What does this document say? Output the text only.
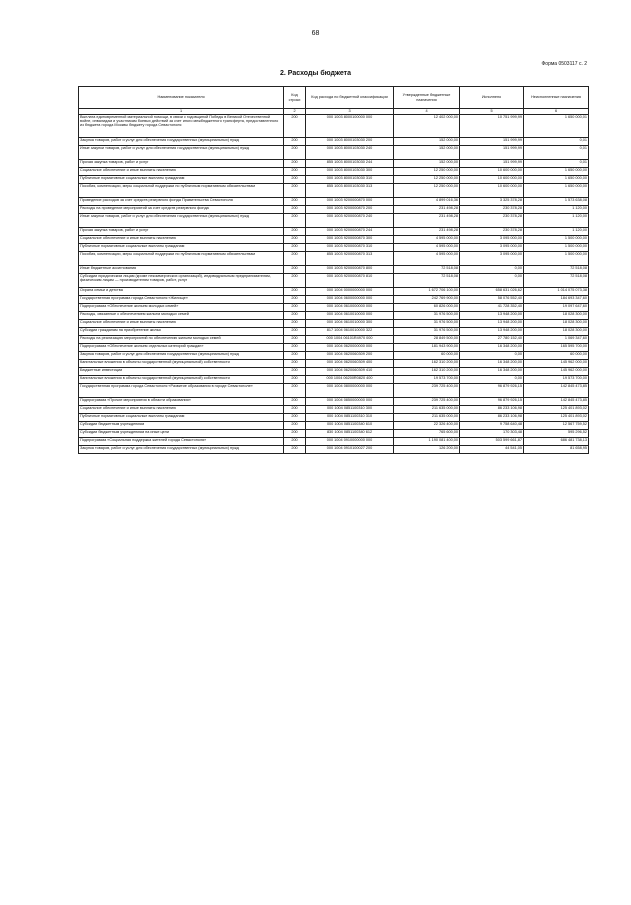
68
Форма 0503117 с. 2
2. Расходы бюджета
Наименование показателя	Код строки	Код расхода по бюджетной классификации	Утвержденные бюджетные назначения	Исполнено	Неисполненные назначения
1	2	3	4	5	6
Выплата единовременной материальной помощи, в связи с годовщиной Победы в Великой Отечественной войне, инвалидам и участникам боевых действий за счет иного межбюджетного трансферта, предоставленного из бюджета города Москвы бюджету города Севастополя	200	000 1003 8000100000 000	12 402 000,00	10 751 999,99	1 650 000,01
Закупка товаров, работ и услуг для обеспечения государственных (муниципальных) нужд	200	000 1003 8000103030 200	152 000,00	151 999,99	0,01
Иные закупки товаров, работ и услуг для обеспечения государственных (муниципальных) нужд	200	000 1003 8000103030 240	152 000,00	151 999,99	0,01
Прочая закупка товаров, работ и услуг	200	855 1003 8000103030 244	152 000,00	151 999,99	0,01
Социальное обеспечение и иные выплаты населению	200	000 1003 8000103030 300	12 250 000,00	10 600 000,00	1 650 000,00
Публичные нормативные социальные выплаты гражданам	200	000 1003 8000103030 310	12 250 000,00	10 600 000,00	1 650 000,00
Пособия, компенсации, меры социальной поддержки по публичным нормативным обязательствам	200	855 1003 8000103030 313	12 250 000,00	10 600 000,00	1 650 000,00
Проведение расходов за счет средств резервного фонда Правительства Севастополя	200	000 1003 9200000870 000	4 899 016,36	3 325 378,28	1 573 638,08
Расходы на проведение мероприятий за счет средств резервного фонда	200	000 1003 9200000870 200	231 498,28	230 378,28	1 120,00
Иные закупки товаров, работ и услуг для обеспечения государственных (муниципальных) нужд	200	000 1003 9200000870 240	231 498,28	230 378,28	1 120,00
Прочая закупка товаров, работ и услуг	200	000 1003 9200000870 244	231 498,28	230 378,28	1 120,00
Социальное обеспечение и иные выплаты населению	200	000 1003 9200000870 300	4 595 000,00	3 095 000,00	1 500 000,00
Публичные нормативные социальные выплаты гражданам	200	000 1003 9200000870 310	4 595 000,00	3 095 000,00	1 500 000,00
Пособия, компенсации, меры социальной поддержки по публичным нормативным обязательствам	200	855 1003 9200000870 313	4 595 000,00	3 095 000,00	1 500 000,00
Иные бюджетные ассигнования	200	000 1003 9200000870 800	72 518,08	0,00	72 518,08
Субсидии юридическим лицам (кроме некоммерческих организаций), индивидуальным предпринимателям, физическим лицам — производителям товаров, работ, услуг	200	000 1003 9200000870 810	72 518,08	0,00	72 518,08
Охрана семьи и детства	200	000 1004 0000000000 000	1 672 706 100,00	658 631 026,62	1 014 075 073,38
Государственная программа города Севастополя «Жилище»	200	000 1004 0600000000 000	242 769 900,00	58 076 552,40	184 693 347,60
Подпрограмма «Обеспечение жильем молодых семей»	200	000 1004 0610000000 000	60 826 000,00	41 728 352,40	19 097 647,60
Расходы, связанные с обеспечением жильем молодых семей	200	000 1004 0610010000 000	31 976 500,00	13 948 200,00	18 028 300,00
Социальное обеспечение и иные выплаты населению	200	000 1004 0610010000 300	31 976 500,00	13 948 200,00	18 028 300,00
Субсидии гражданам на приобретение жилья	200	817 1004 0610010000 322	31 976 500,00	13 948 200,00	18 028 300,00
Расходы на реализацию мероприятий по обеспечению жильем молодых семей	200	000 1004 06101R4970 000	28 849 500,00	27 780 152,40	1 069 347,60
Подпрограмма «Обеспечение жильем отдельных категорий граждан»	200	000 1004 0620000000 000	181 943 900,00	16 348 200,00	165 595 700,00
Закупка товаров, работ и услуг для обеспечения государственных (муниципальных) нужд	200	000 1004 0620060309 200	60 000,00	0,00	60 000,00
Капитальные вложения в объекты государственной (муниципальной) собственности	200	000 1004 0620060309 400	162 310 200,00	16 348 200,00	145 962 000,00
Бюджетные инвестиции	200	000 1004 0620060309 410	162 310 200,00	16 348 200,00	145 962 000,00
Капитальные вложения в объекты государственной (муниципальной) собственности	200	000 1004 06200R0820 400	19 573 700,00	0,00	19 573 700,00
Государственная программа города Севастополя «Развитие образования в городе Севастополе»	200	000 1004 0800000000 000	239 725 400,00	96 879 926,15	142 845 473,85
Подпрограмма «Прочие мероприятия в области образования»	200	000 1004 0850000000 000	239 725 400,00	96 879 926,15	142 845 473,85
Социальное обеспечение и иные выплаты населению	200	000 1004 0851100310 300	211 635 000,00	86 233 106,98	125 401 893,02
Публичные нормативные социальные выплаты гражданам	200	000 1004 0851100310 310	211 635 000,00	86 233 106,98	125 401 893,02
Субсидии бюджетным учреждениям	200	000 1004 0851100340 610	22 326 400,00	9 758 640,48	12 567 759,52
Субсидии бюджетным учреждениям на иные цели	200	830 1004 0851100340 612	765 600,00	170 303,48	595 296,52
Подпрограмма «Социальная поддержка жителей города Севастополя»	200	000 1004 0910000000 000	1 190 081 400,00	503 599 661,87	686 481 738,13
Закупка товаров, работ и услуг для обеспечения государственных (муниципальных) нужд	200	000 1004 0910100027 200	126 200,00	44 541,05	81 658,95
